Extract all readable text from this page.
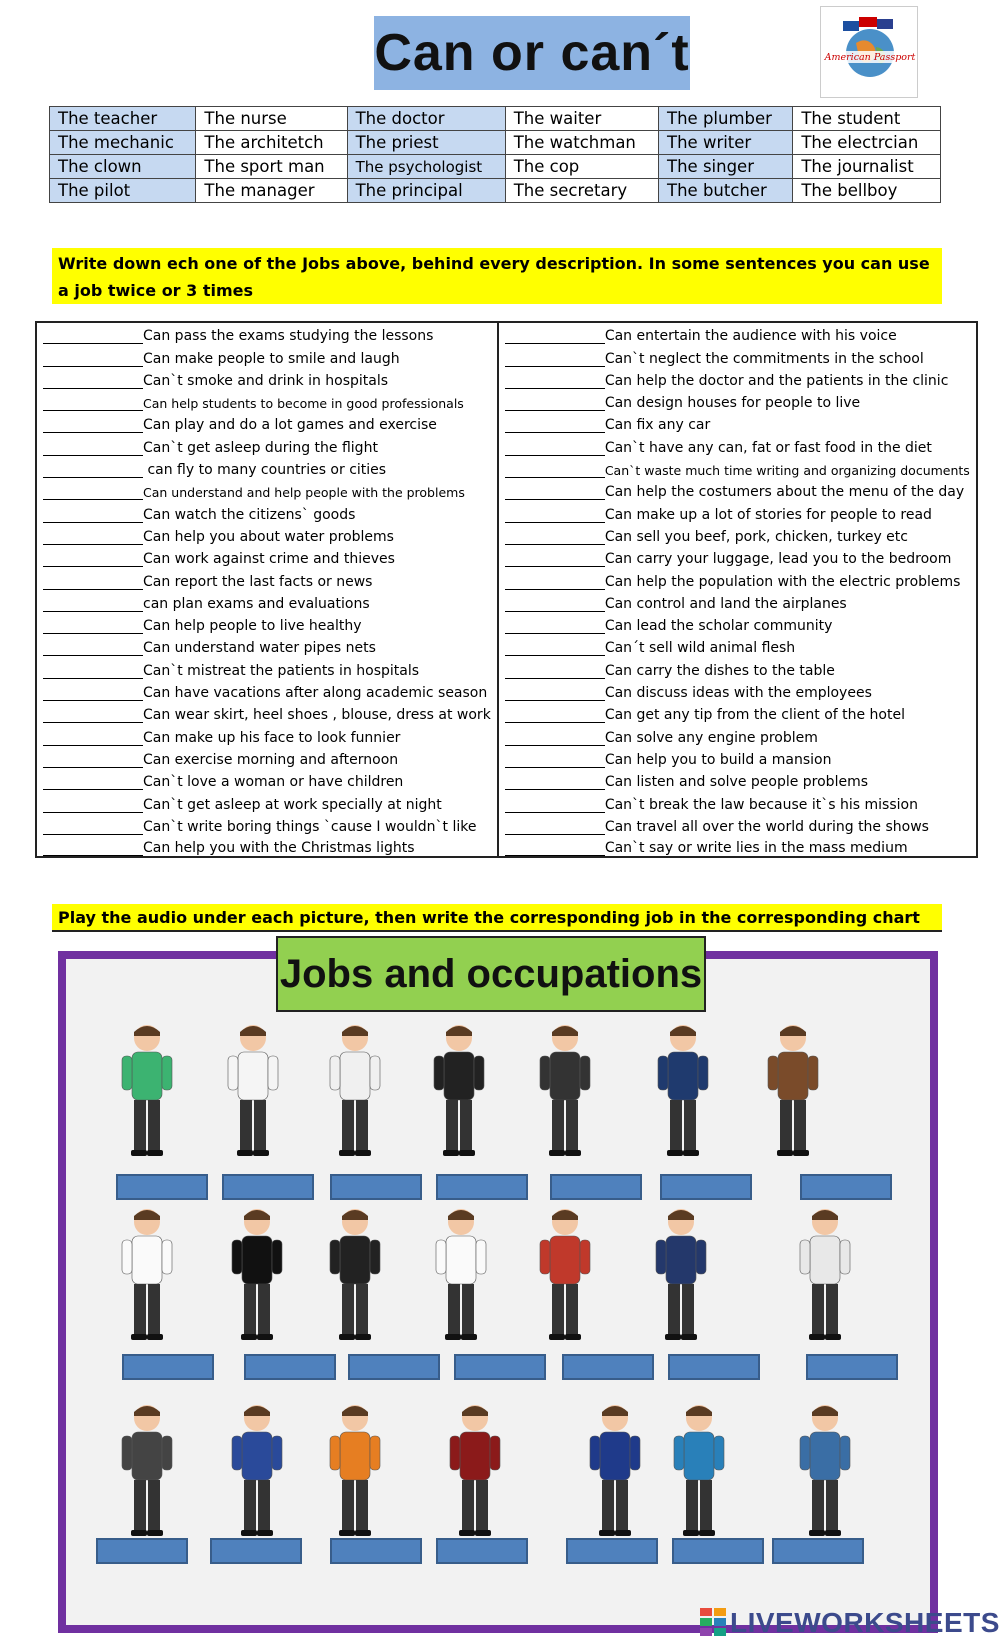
Can or can´t	American Passport
The teacher	The nurse	The doctor	The waiter	The plumber	The student
The mechanic	The architetch	The priest	The watchman	The writer	The electrcian
The clown	The sport man	The psychologist	The cop	The singer	The journalist
The pilot	The manager	The principal	The secretary	The butcher	The bellboy
Write down ech one of the Jobs above, behind every description. In some sentences you can use a job twice or 3 times
Can pass the exams studying the lessons	Can entertain the audience with his voice
Can make people to smile and laugh	Can`t neglect the commitments in the school
Can`t smoke and drink in hospitals	Can help the doctor and the patients in the clinic
Can help students to become in good professionals	Can design houses for people to live
Can play and do a lot games and exercise	Can fix any car
Can`t get asleep during the flight	Can`t have any can, fat or fast food in the diet
can fly to many countries or cities	Can`t waste much time writing and organizing documents
Can understand and help people with the problems	Can help the costumers about the menu of the day
Can watch the citizens` goods	Can make up a lot of stories for people to read
Can help you about water problems	Can sell you beef, pork, chicken, turkey etc
Can work against crime and thieves	Can carry your luggage, lead you to the bedroom
Can report the last facts or news	Can help the population with the electric problems
can plan exams and evaluations	Can control and land the airplanes
Can help people to live healthy	Can lead the scholar community
Can understand water pipes nets	Can´t sell wild animal flesh
Can`t mistreat the patients in hospitals	Can carry the dishes to the table
Can have vacations after along academic season	Can discuss ideas with the employees
Can wear skirt, heel shoes , blouse, dress at work	Can get any tip from the client of the hotel
Can make up his face to look funnier	Can solve any engine problem
Can exercise morning and afternoon	Can help you to build a mansion
Can`t love a woman or have children	Can listen and solve people problems
Can`t get asleep at work specially at night	Can`t break the law because it`s his mission
Can`t write boring things `cause I wouldn`t like	Can travel all over the world during the shows
Can help you with the Christmas lights	Can`t say or write lies in the mass medium
Play the audio under each picture, then write the corresponding job in the corresponding chart
Jobs and occupations
LIVEWORKSHEETS
